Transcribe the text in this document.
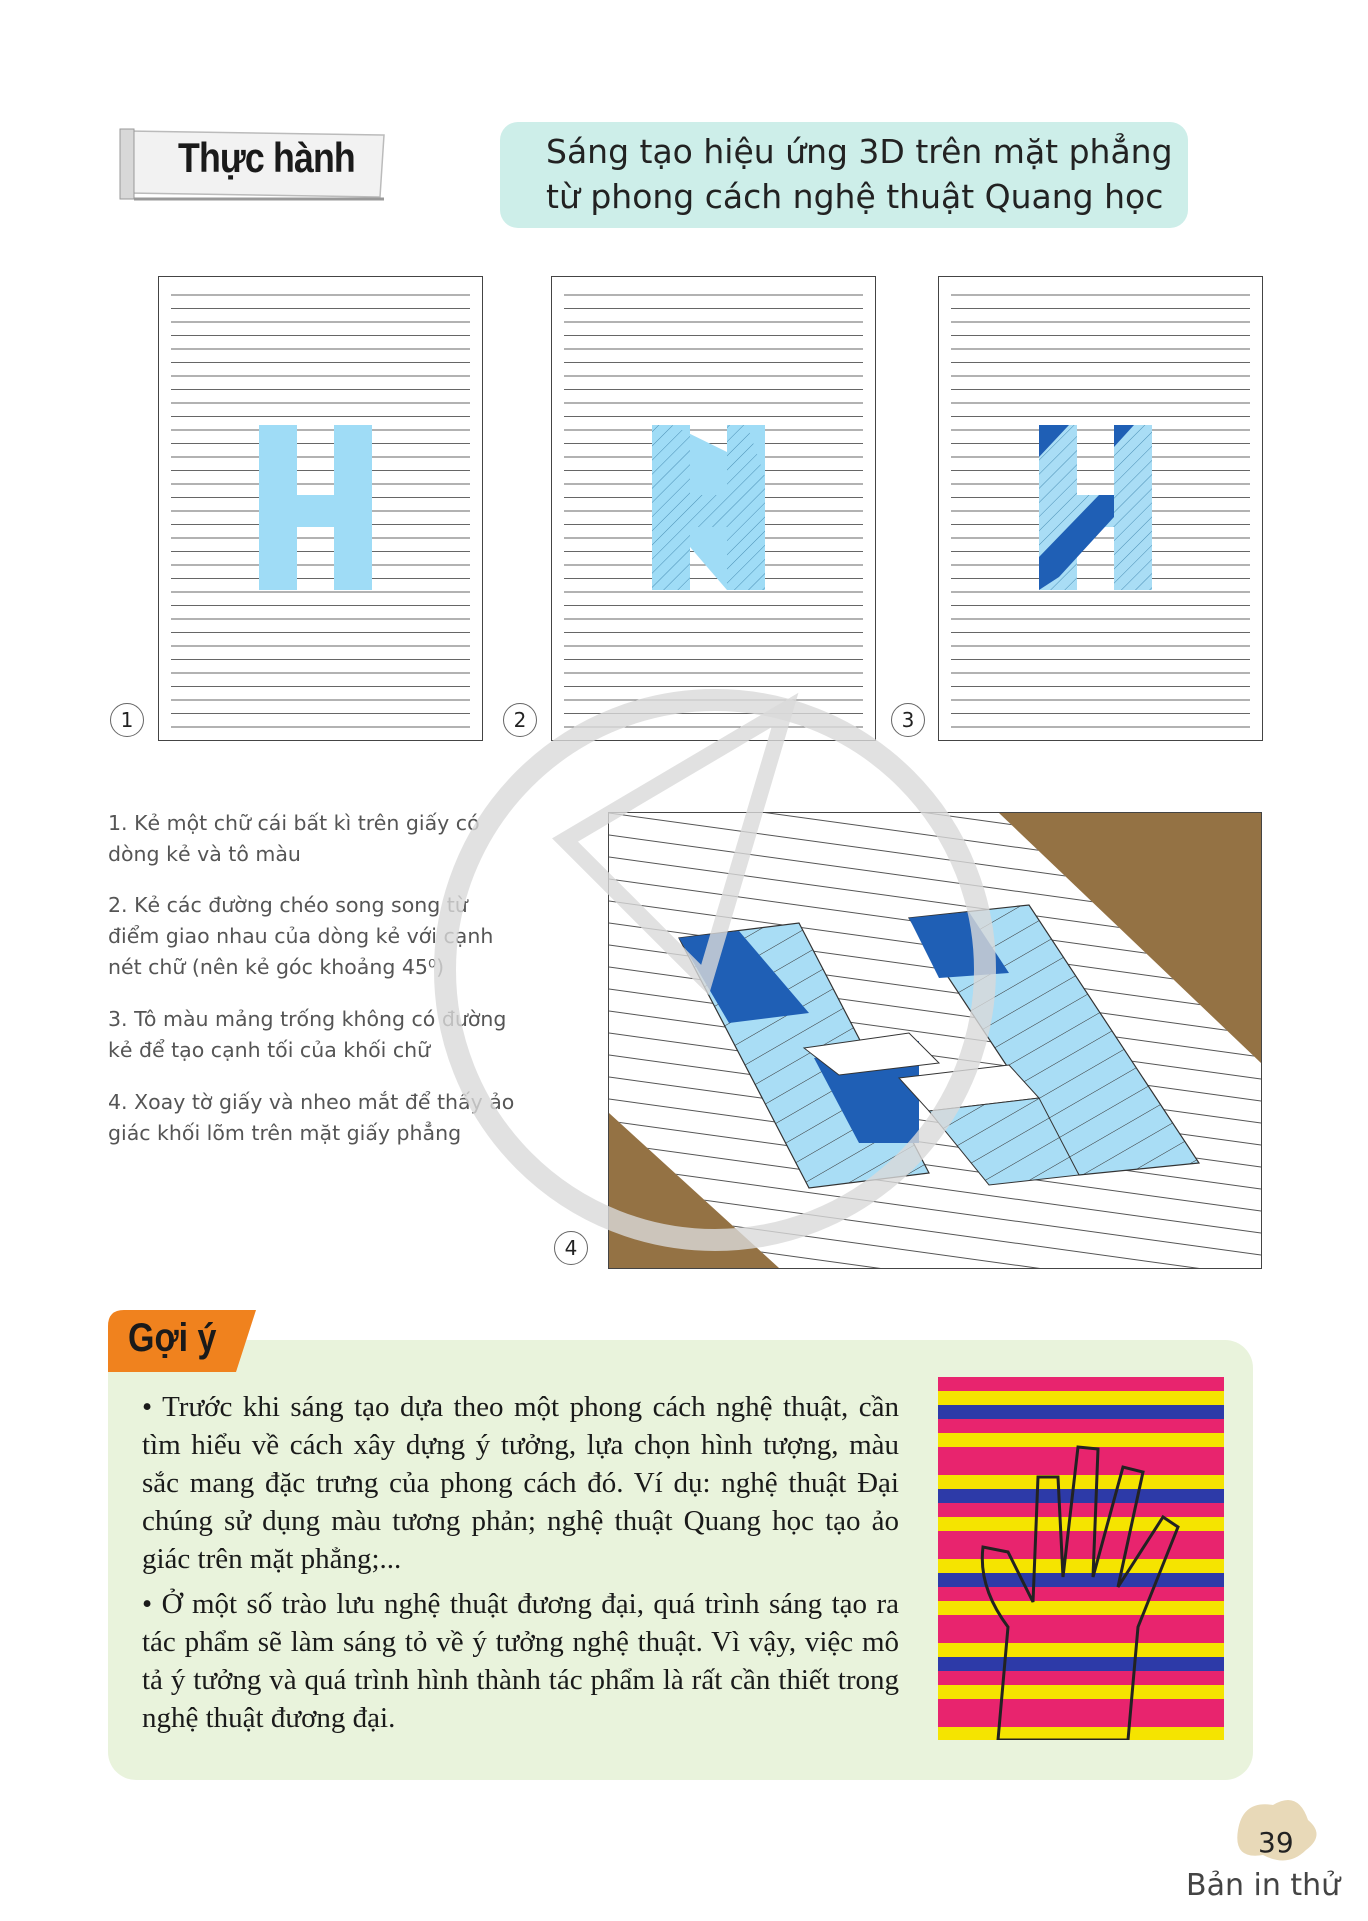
Thực hành	Sáng tạo hiệu ứng 3D trên mặt phẳng
từ phong cách nghệ thuật Quang học
1	2	3
1. Kẻ một chữ cái bất kì trên giấy có
dòng kẻ và tô màu
2. Kẻ các đường chéo song song từ
điểm giao nhau của dòng kẻ với cạnh
nét chữ (nên kẻ góc khoảng 45⁰)
3. Tô màu mảng trống không có đường
kẻ để tạo cạnh tối của khối chữ
4. Xoay tờ giấy và nheo mắt để thấy ảo
giác khối lõm trên mặt giấy phẳng
4
Gợi ý
• Trước khi sáng tạo dựa theo một phong cách nghệ thuật, cần tìm hiểu về cách xây dựng ý tưởng, lựa chọn hình tượng, màu sắc mang đặc trưng của phong cách đó. Ví dụ: nghệ thuật Đại chúng sử dụng màu tương phản; nghệ thuật Quang học tạo ảo giác trên mặt phẳng;...
• Ở một số trào lưu nghệ thuật đương đại, quá trình sáng tạo ra tác phẩm sẽ làm sáng tỏ về ý tưởng nghệ thuật. Vì vậy, việc mô tả ý tưởng và quá trình hình thành tác phẩm là rất cần thiết trong nghệ thuật đương đại.
39
Bản in thử
